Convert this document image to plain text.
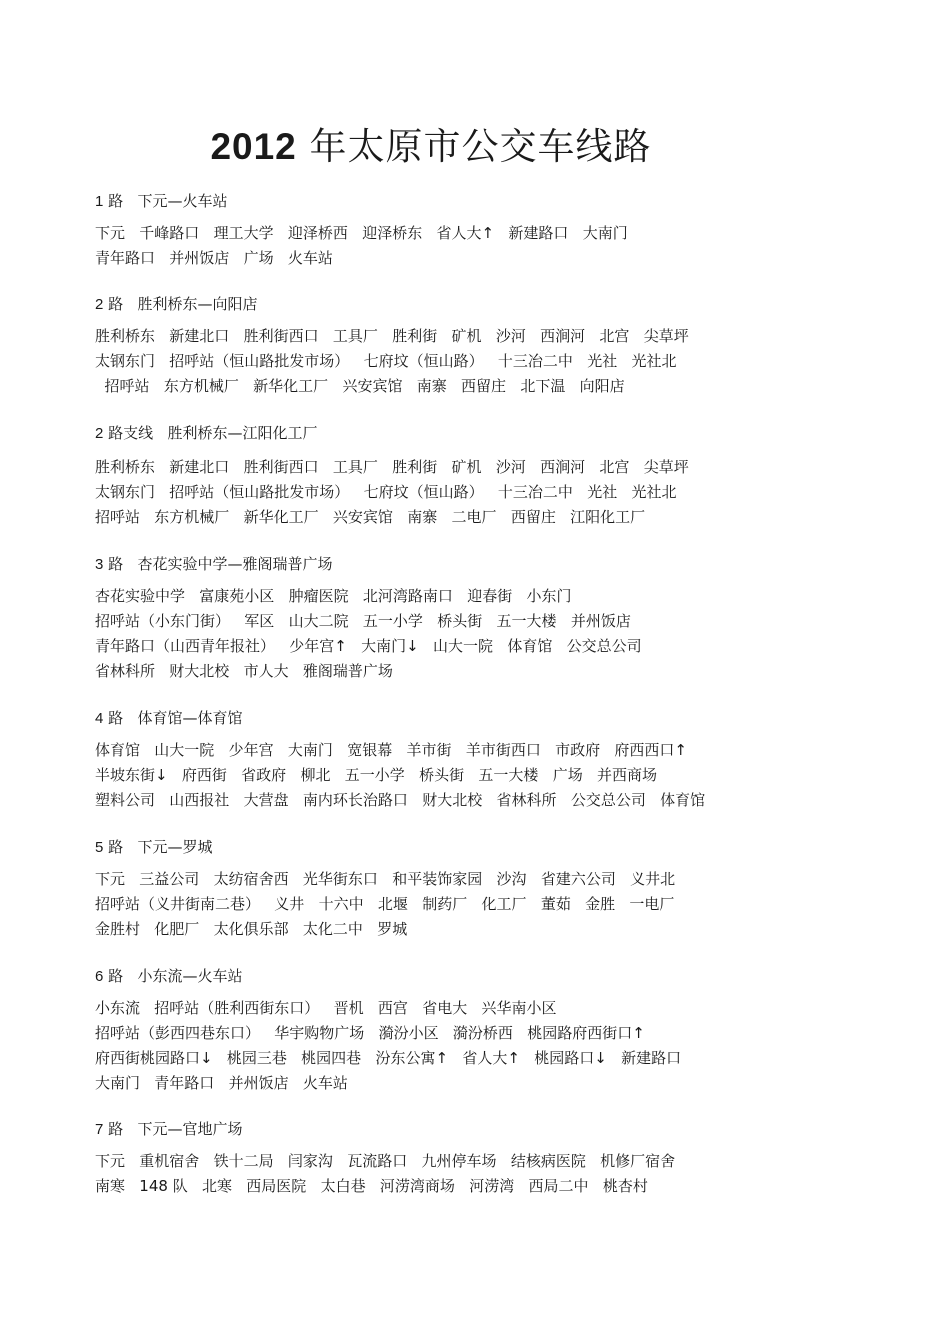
2012 年太原市公交车线路

1 路 下元—火车站

下元   千峰路口   理工大学   迎泽桥西   迎泽桥东   省人大↑   新建路口   大南门
青年路口   并州饭店   广场   火车站

2 路 胜利桥东—向阳店

胜利桥东   新建北口   胜利街西口   工具厂   胜利街   矿机   沙河   西涧河   北宫   尖草坪
太钢东门   招呼站（恒山路批发市场）   七府坟（恒山路）   十三冶二中   光社   光社北
招呼站   东方机械厂   新华化工厂   兴安宾馆   南寨   西留庄   北下温   向阳店

2 路支线 胜利桥东—江阳化工厂

胜利桥东   新建北口   胜利街西口   工具厂   胜利街   矿机   沙河   西涧河   北宫   尖草坪
太钢东门   招呼站（恒山路批发市场）   七府坟（恒山路）   十三冶二中   光社   光社北
招呼站   东方机械厂   新华化工厂   兴安宾馆   南寨   二电厂   西留庄   江阳化工厂

3 路 杏花实验中学—雅阁瑞普广场

杏花实验中学   富康苑小区   肿瘤医院   北河湾路南口   迎春街   小东门
招呼站（小东门街）   军区   山大二院   五一小学   桥头街   五一大楼   并州饭店
青年路口（山西青年报社）   少年宫↑   大南门↓   山大一院   体育馆   公交总公司
省林科所   财大北校   市人大   雅阁瑞普广场

4 路 体育馆—体育馆

体育馆   山大一院   少年宫   大南门   宽银幕   羊市街   羊市街西口   市政府   府西西口↑
半坡东街↓   府西街   省政府   柳北   五一小学   桥头街   五一大楼   广场   并西商场
塑料公司   山西报社   大营盘   南内环长治路口   财大北校   省林科所   公交总公司   体育馆

5 路 下元—罗城

下元   三益公司   太纺宿舍西   光华街东口   和平装饰家园   沙沟   省建六公司   义井北
招呼站（义井街南二巷）   义井   十六中   北堰   制药厂   化工厂   董茹   金胜   一电厂
金胜村   化肥厂   太化俱乐部   太化二中   罗城

6 路 小东流—火车站

小东流   招呼站（胜利西街东口）   晋机   西宫   省电大   兴华南小区
招呼站（彭西四巷东口）   华宇购物广场   漪汾小区   漪汾桥西   桃园路府西街口↑
府西街桃园路口↓   桃园三巷   桃园四巷   汾东公寓↑   省人大↑   桃园路口↓   新建路口
大南门   青年路口   并州饭店   火车站

7 路 下元—官地广场

下元   重机宿舍   铁十二局   闫家沟   瓦流路口   九州停车场   结核病医院   机修厂宿舍
南寒   148 队   北寒   西局医院   太白巷   河涝湾商场   河涝湾   西局二中   桃杏村
